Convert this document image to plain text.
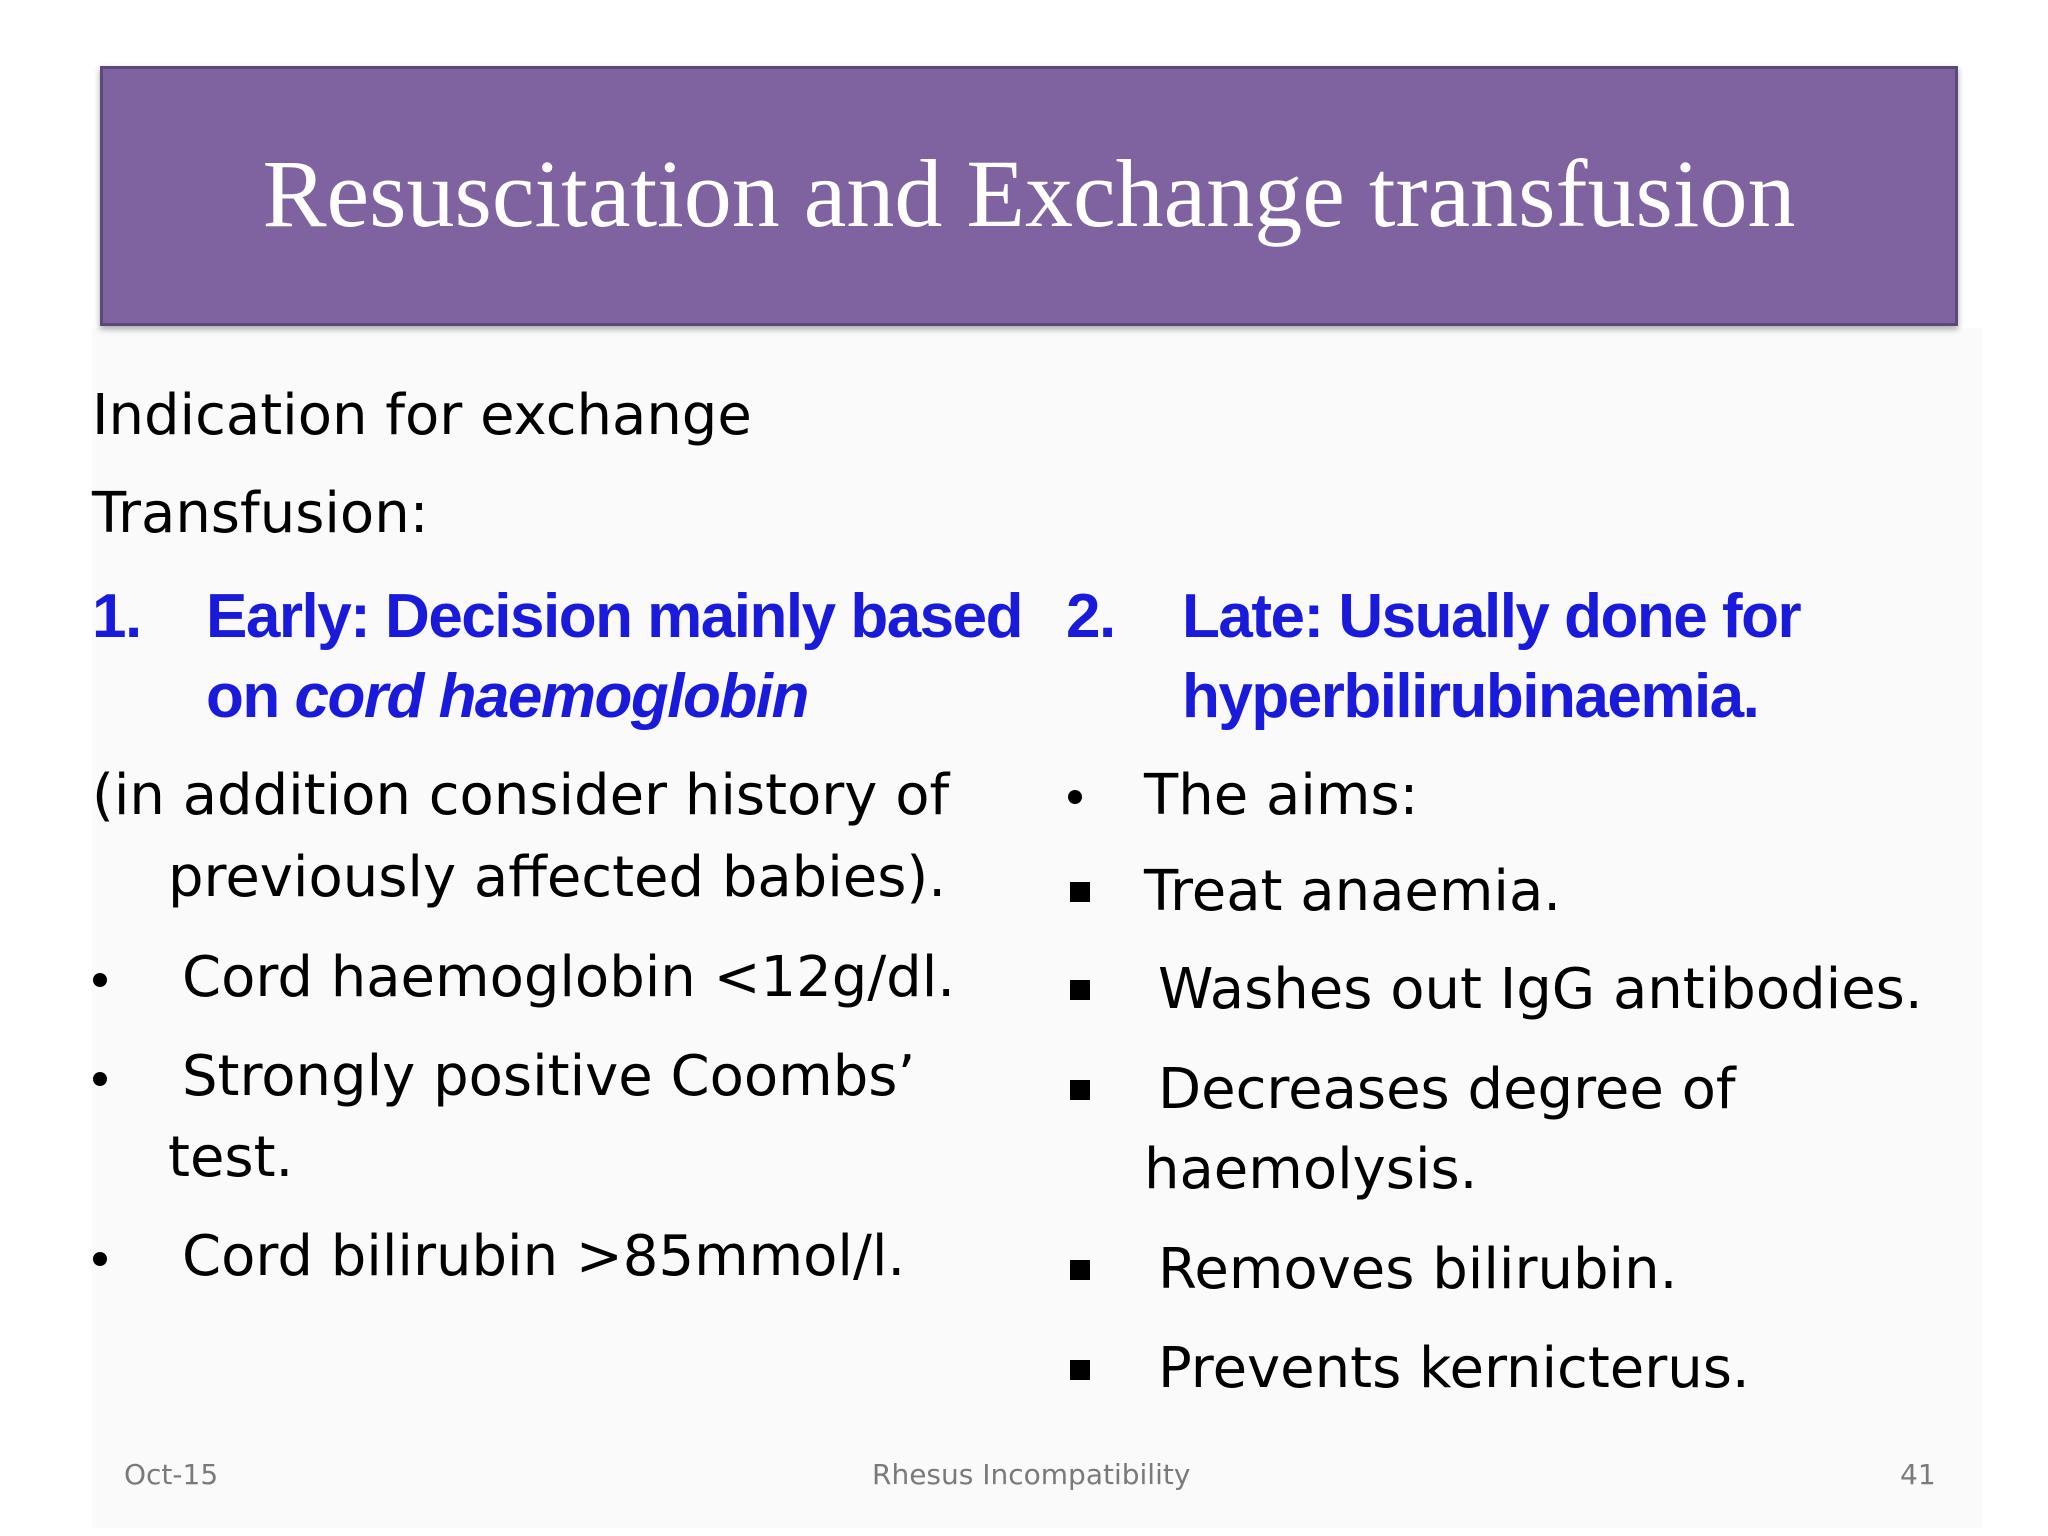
Resuscitation and Exchange transfusion
Indication for exchange
Transfusion:
1. Early: Decision mainly based
on cord haemoglobin
(in addition consider history of
previously affected babies).
Cord haemoglobin <12g/dl.
Strongly positive Coombs’
test.
Cord bilirubin >85mmol/l.
2. Late: Usually done for
hyperbilirubinaemia.
The aims:
Treat anaemia.
Washes out IgG antibodies.
Decreases degree of
haemolysis.
Removes bilirubin.
Prevents kernicterus.
Oct-15	Rhesus Incompatibility	41
